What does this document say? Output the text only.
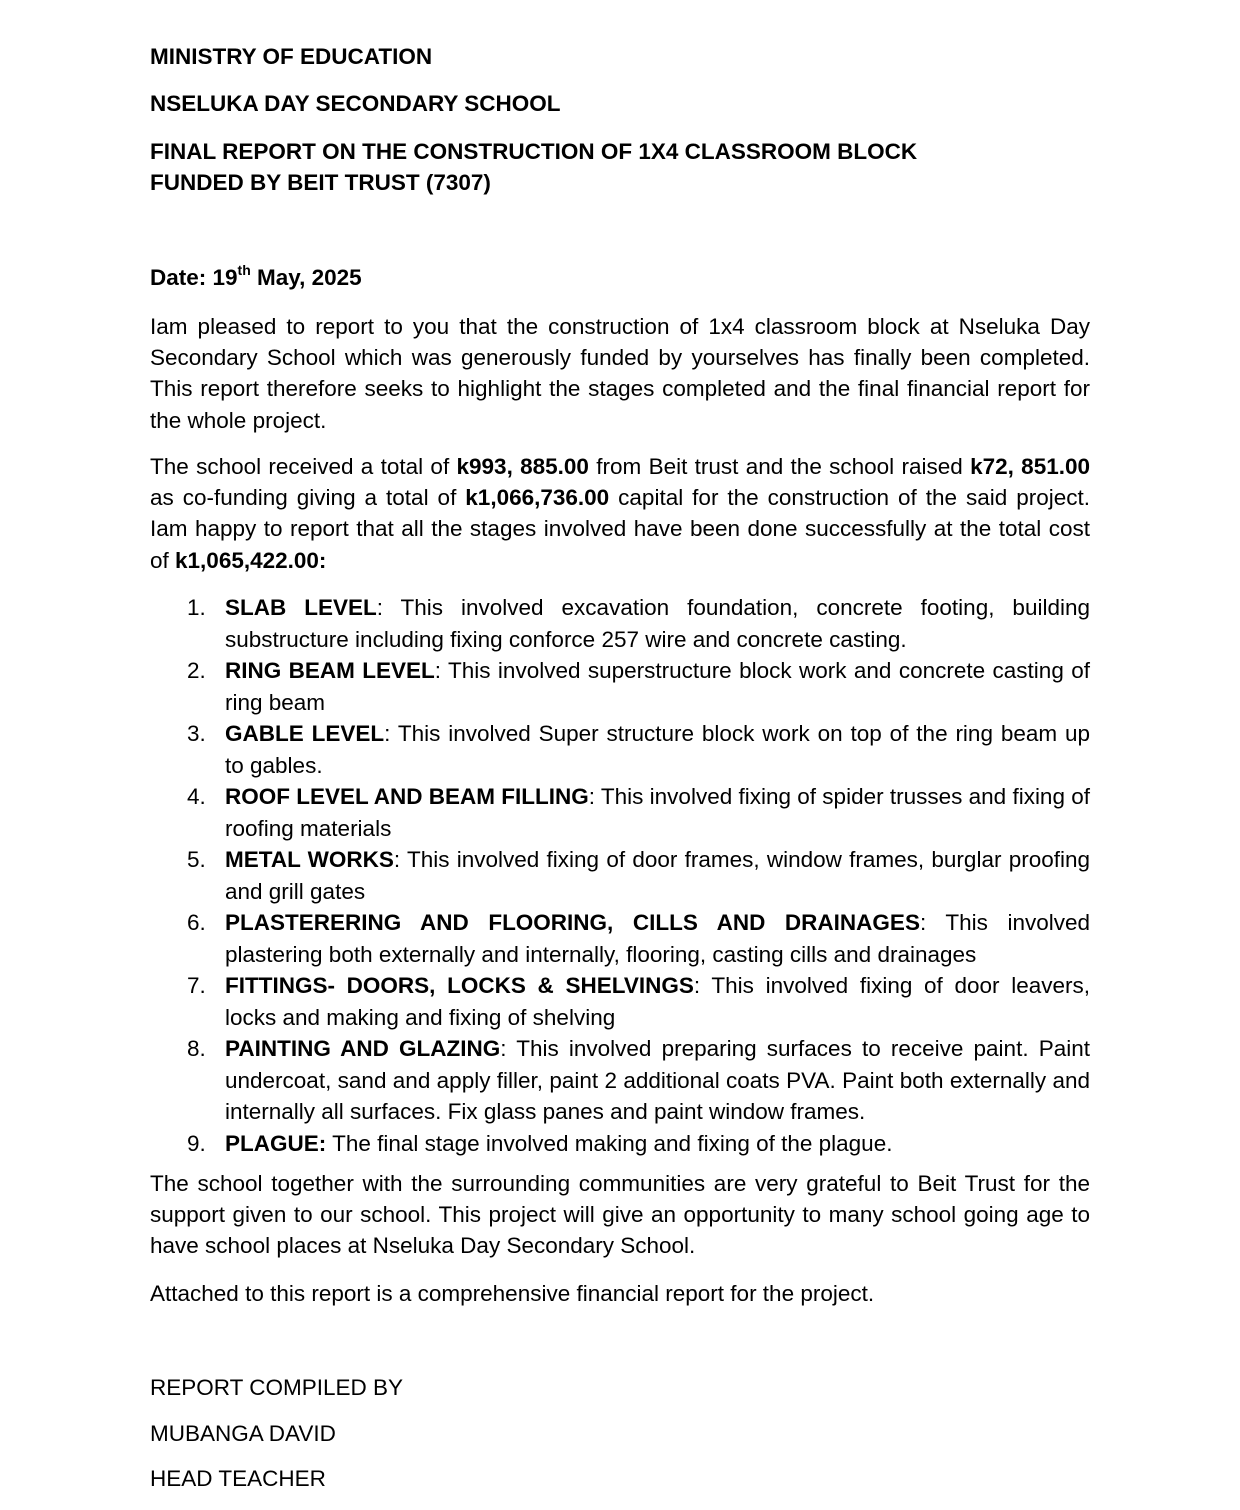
MINISTRY OF EDUCATION
NSELUKA DAY SECONDARY SCHOOL
FINAL REPORT ON THE CONSTRUCTION OF 1X4 CLASSROOM BLOCK
FUNDED BY BEIT TRUST (7307)
Date: 19th May, 2025

Iam pleased to report to you that the construction of 1x4 classroom block at Nseluka Day Secondary School which was generously funded by yourselves has finally been completed. This report therefore seeks to highlight the stages completed and the final financial report for the whole project.

The school received a total of k993, 885.00 from Beit trust and the school raised k72, 851.00 as co-funding giving a total of k1,066,736.00 capital for the construction of the said project. Iam happy to report that all the stages involved have been done successfully at the total cost of k1,065,422.00:

1. SLAB LEVEL: This involved excavation foundation, concrete footing, building substructure including fixing conforce 257 wire and concrete casting.
2. RING BEAM LEVEL: This involved superstructure block work and concrete casting of ring beam
3. GABLE LEVEL: This involved Super structure block work on top of the ring beam up to gables.
4. ROOF LEVEL AND BEAM FILLING: This involved fixing of spider trusses and fixing of roofing materials
5. METAL WORKS: This involved fixing of door frames, window frames, burglar proofing and grill gates
6. PLASTERERING AND FLOORING, CILLS AND DRAINAGES: This involved plastering both externally and internally, flooring, casting cills and drainages
7. FITTINGS- DOORS, LOCKS & SHELVINGS: This involved fixing of door leavers, locks and making and fixing of shelving
8. PAINTING AND GLAZING: This involved preparing surfaces to receive paint. Paint undercoat, sand and apply filler, paint 2 additional coats PVA. Paint both externally and internally all surfaces. Fix glass panes and paint window frames.
9. PLAGUE: The final stage involved making and fixing of the plague.

The school together with the surrounding communities are very grateful to Beit Trust for the support given to our school. This project will give an opportunity to many school going age to have school places at Nseluka Day Secondary School.

Attached to this report is a comprehensive financial report for the project.

REPORT COMPILED BY
MUBANGA DAVID
HEAD TEACHER
